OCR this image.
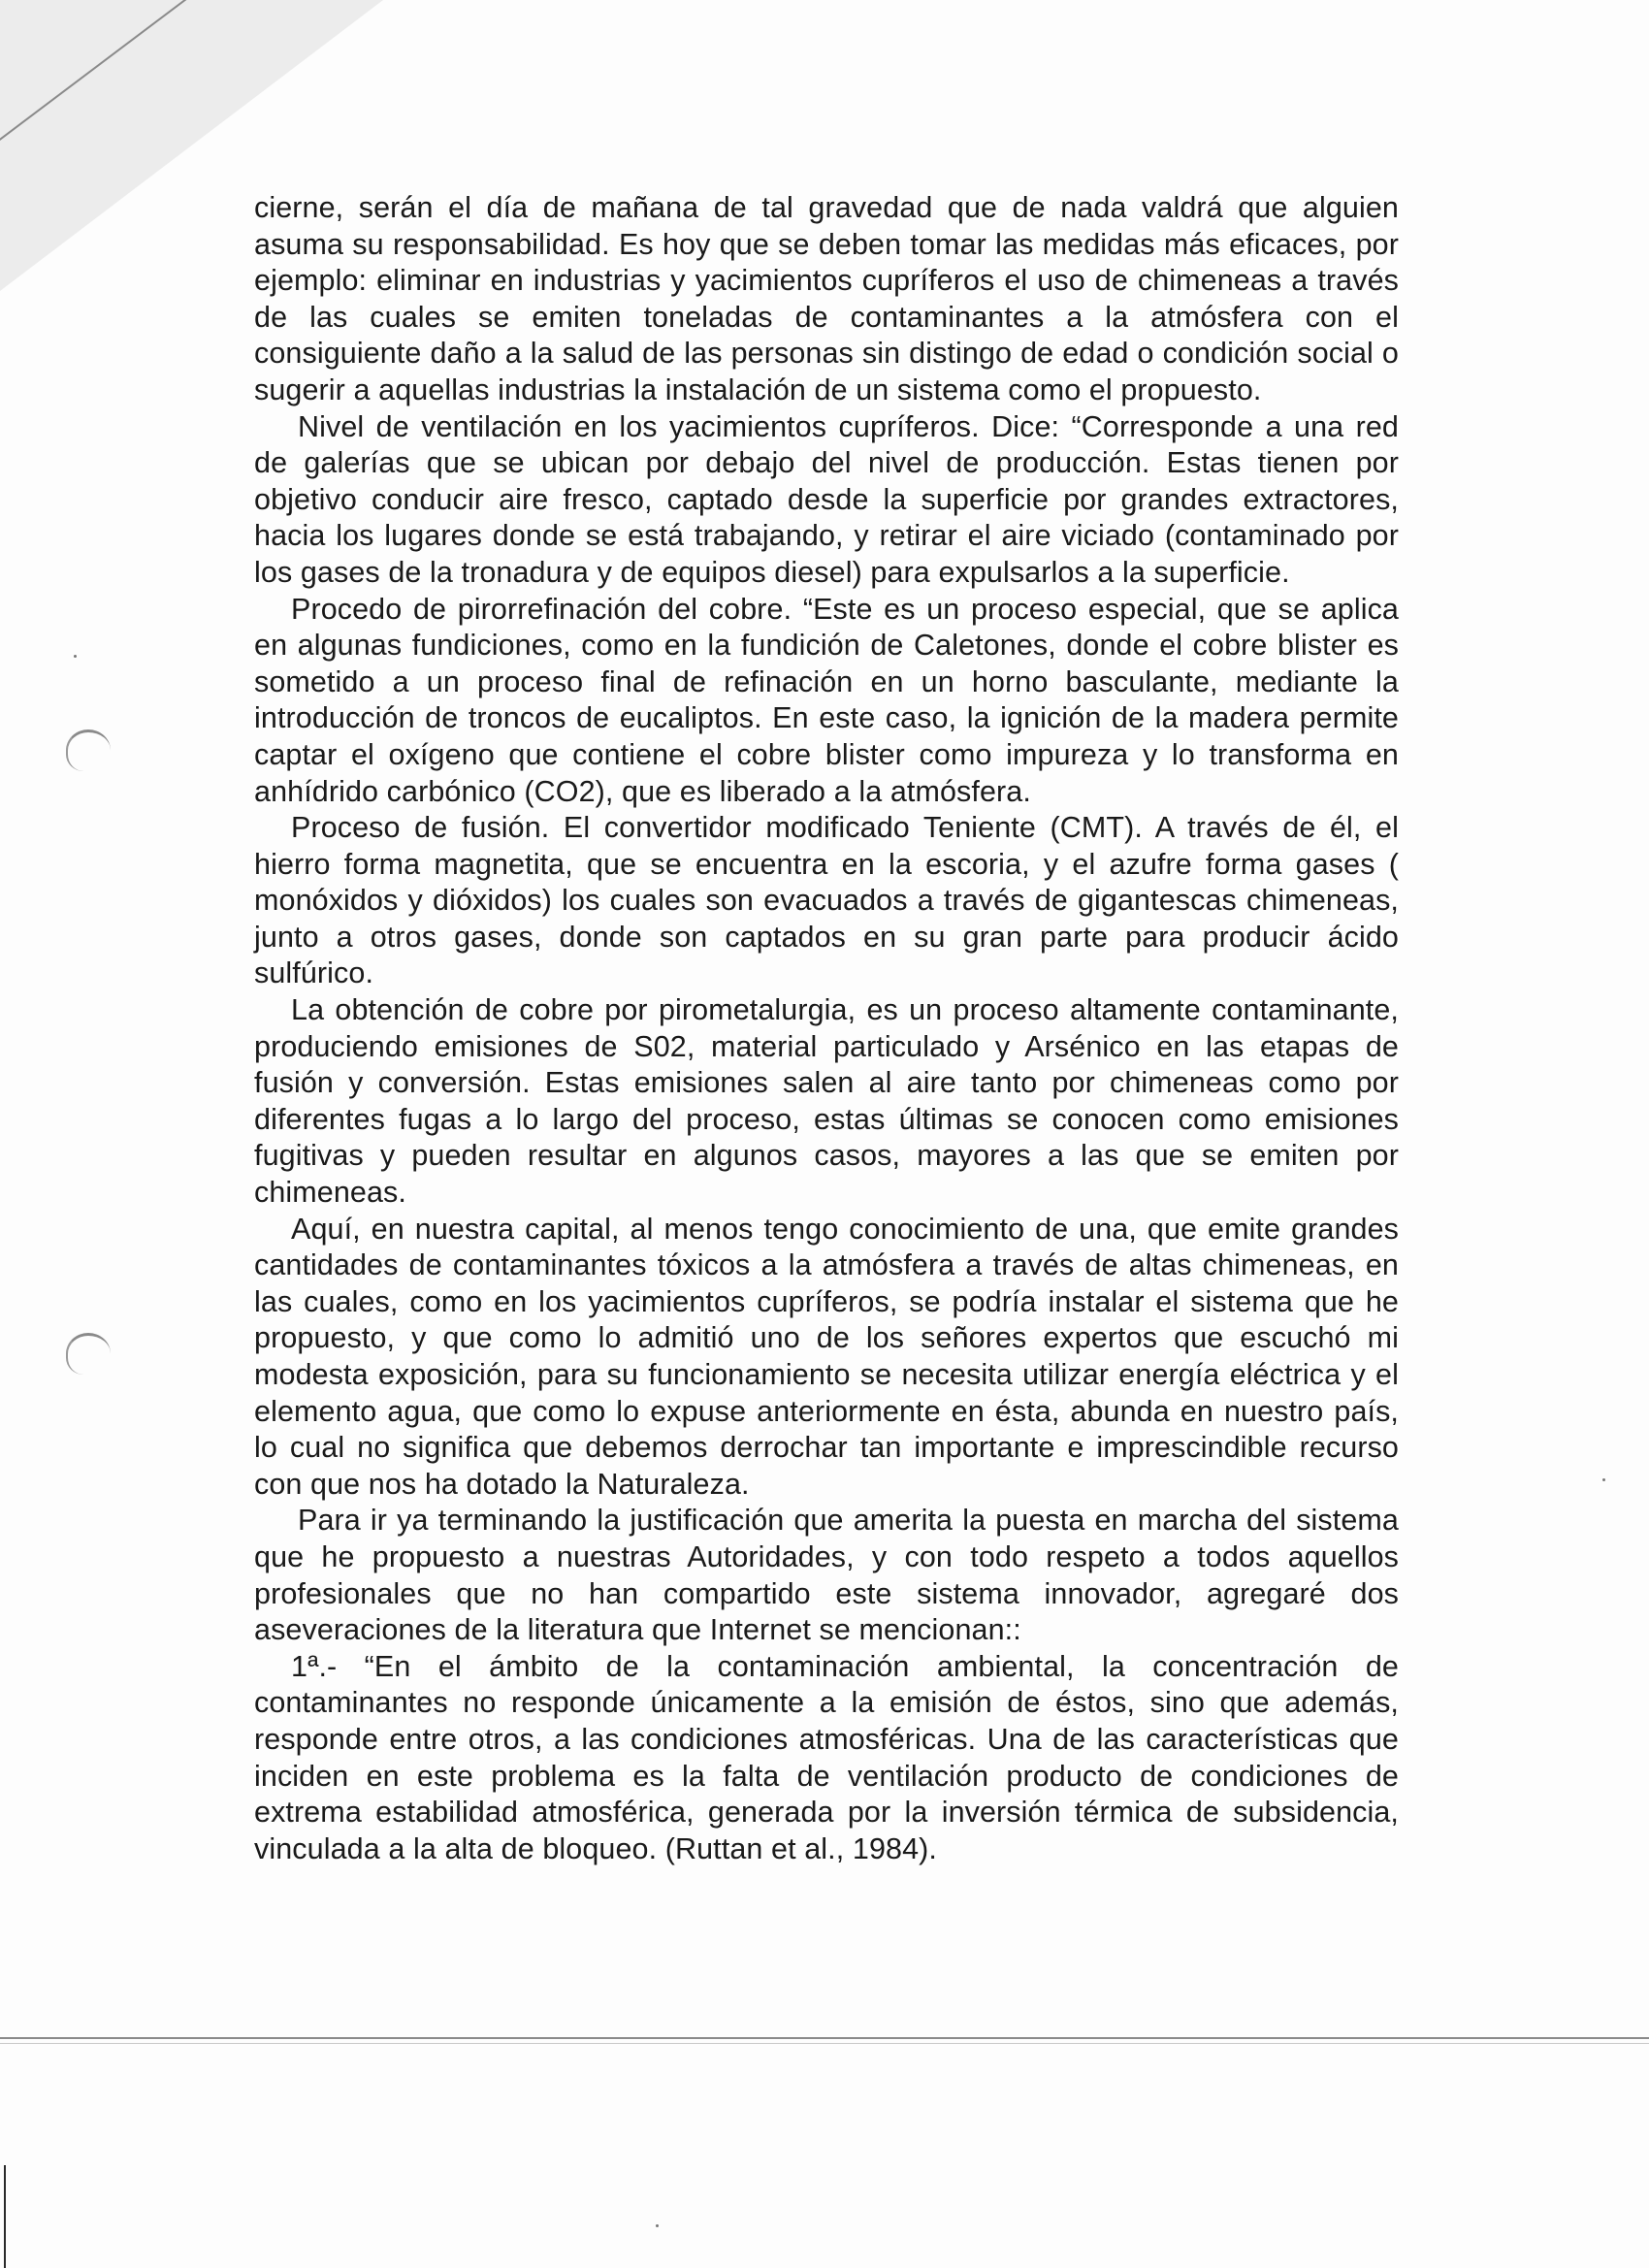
cierne, serán el día de mañana de tal gravedad que de nada valdrá que alguien asuma su responsabilidad. Es hoy que se deben tomar las medidas más eficaces, por ejemplo: eliminar en industrias y yacimientos cupríferos el uso de chimeneas a través de las cuales se emiten toneladas de contaminantes a la atmósfera con el consiguiente daño a la salud de las personas sin distingo de edad o condición social o sugerir a aquellas industrias la instalación de un sistema como el propuesto.

Nivel de ventilación en los yacimientos cupríferos. Dice: “Corresponde a una red de galerías que se ubican por debajo del nivel de producción. Estas tienen por objetivo conducir aire fresco, captado desde la superficie por grandes extractores, hacia los lugares donde se está trabajando, y retirar el aire viciado (contaminado por los gases de la tronadura y de equipos diesel) para expulsarlos a la superficie.

Procedo de pirorrefinación del cobre. “Este es un proceso especial, que se aplica en algunas fundiciones, como en la fundición de Caletones, donde el cobre blister es sometido a un proceso final de refinación en un horno basculante, mediante la introducción de troncos de eucaliptos. En este caso, la ignición de la madera permite captar el oxígeno que contiene el cobre blister como impureza y lo transforma en anhídrido carbónico (CO2), que es liberado a la atmósfera.

Proceso de fusión. El convertidor modificado Teniente (CMT). A través de él, el hierro forma magnetita, que se encuentra en la escoria, y el azufre forma gases ( monóxidos y dióxidos) los cuales son evacuados a través de gigantescas chimeneas, junto a otros gases, donde son captados en su gran parte para producir ácido sulfúrico.

La obtención de cobre por pirometalurgia, es un proceso altamente contaminante, produciendo emisiones de S02, material particulado y Arsénico en las etapas de fusión y conversión. Estas emisiones salen al aire tanto por chimeneas como por diferentes fugas a lo largo del proceso, estas últimas se conocen como emisiones fugitivas y pueden resultar en algunos casos, mayores a las que se emiten por chimeneas.

Aquí, en nuestra capital, al menos tengo conocimiento de una, que emite grandes cantidades de contaminantes tóxicos a la atmósfera a través de altas chimeneas, en las cuales, como en los yacimientos cupríferos, se podría instalar el sistema que he propuesto, y que como lo admitió uno de los señores expertos que escuchó mi modesta exposición, para su funcionamiento se necesita utilizar energía eléctrica y el elemento agua, que como lo expuse anteriormente en ésta, abunda en nuestro país, lo cual no significa que debemos derrochar tan importante e imprescindible recurso con que nos ha dotado la Naturaleza.

Para ir ya terminando la justificación que amerita la puesta en marcha del sistema que he propuesto a nuestras Autoridades, y con todo respeto a todos aquellos profesionales que no han compartido este sistema innovador, agregaré dos aseveraciones de la literatura que Internet se mencionan::

1ª.- “En el ámbito de la contaminación ambiental, la concentración de contaminantes no responde únicamente a la emisión de éstos, sino que además, responde entre otros, a las condiciones atmosféricas. Una de las características que inciden en este problema es la falta de ventilación producto de condiciones de extrema estabilidad atmosférica, generada por la inversión térmica de subsidencia, vinculada a la alta de bloqueo. (Ruttan et al., 1984).
